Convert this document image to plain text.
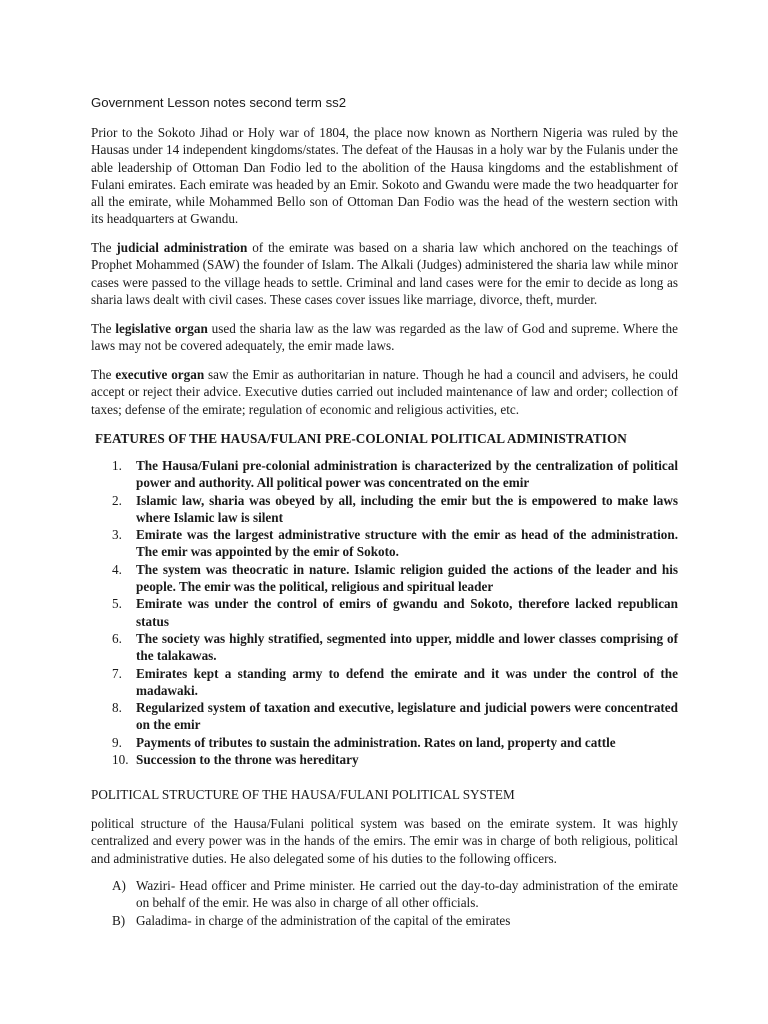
Government Lesson notes second term ss2

Prior to the Sokoto Jihad or Holy war of 1804, the place now known as Northern Nigeria was ruled by the Hausas under 14 independent kingdoms/states. The defeat of the Hausas in a holy war by the Fulanis under the able leadership of Ottoman Dan Fodio led to the abolition of the Hausa kingdoms and the establishment of Fulani emirates. Each emirate was headed by an Emir. Sokoto and Gwandu were made the two headquarter for all the emirate, while Mohammed Bello son of Ottoman Dan Fodio was the head of the western section with its headquarters at Gwandu.

The judicial administration of the emirate was based on a sharia law which anchored on the teachings of Prophet Mohammed (SAW) the founder of Islam. The Alkali (Judges) administered the sharia law while minor cases were passed to the village heads to settle. Criminal and land cases were for the emir to decide as long as sharia laws dealt with civil cases. These cases cover issues like marriage, divorce, theft, murder.

The legislative organ used the sharia law as the law was regarded as the law of God and supreme. Where the laws may not be covered adequately, the emir made laws.

The executive organ saw the Emir as authoritarian in nature. Though he had a council and advisers, he could accept or reject their advice. Executive duties carried out included maintenance of law and order; collection of taxes; defense of the emirate; regulation of economic and religious activities, etc.

FEATURES OF THE HAUSA/FULANI PRE-COLONIAL POLITICAL ADMINISTRATION
1. The Hausa/Fulani pre-colonial administration is characterized by the centralization of political power and authority. All political power was concentrated on the emir
2. Islamic law, sharia was obeyed by all, including the emir but the is empowered to make laws where Islamic law is silent
3. Emirate was the largest administrative structure with the emir as head of the administration. The emir was appointed by the emir of Sokoto.
4. The system was theocratic in nature. Islamic religion guided the actions of the leader and his people. The emir was the political, religious and spiritual leader
5. Emirate was under the control of emirs of gwandu and Sokoto, therefore lacked republican status
6. The society was highly stratified, segmented into upper, middle and lower classes comprising of the talakawas.
7. Emirates kept a standing army to defend the emirate and it was under the control of the madawaki.
8. Regularized system of taxation and executive, legislature and judicial powers were concentrated on the emir
9. Payments of tributes to sustain the administration. Rates on land, property and cattle
10. Succession to the throne was hereditary
POLITICAL STRUCTURE OF THE HAUSA/FULANI POLITICAL SYSTEM

political structure of the Hausa/Fulani political system was based on the emirate system. It was highly centralized and every power was in the hands of the emirs. The emir was in charge of both religious, political and administrative duties. He also delegated some of his duties to the following officers.

A) Waziri- Head officer and Prime minister. He carried out the day-to-day administration of the emirate on behalf of the emir. He was also in charge of all other officials.
B) Galadima- in charge of the administration of the capital of the emirates
